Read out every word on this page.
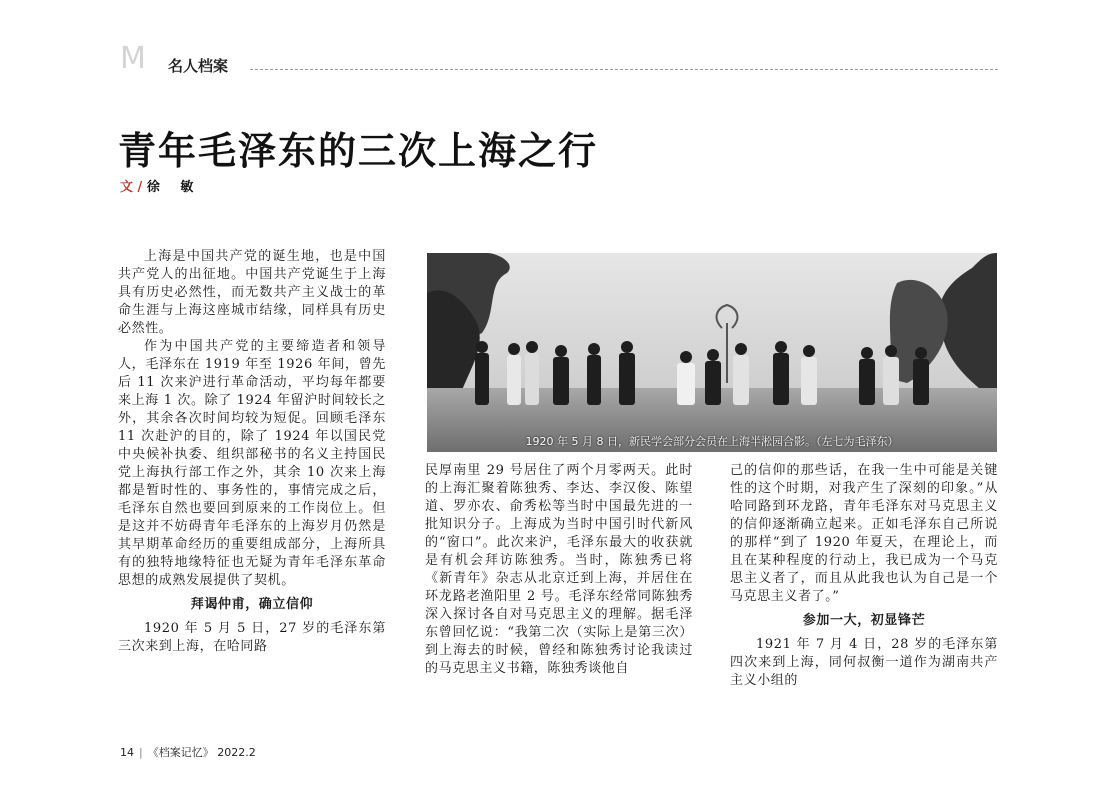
M 名人档案
青年毛泽东的三次上海之行
文 / 徐 敏

上海是中国共产党的诞生地，也是中国共产党人的出征地。中国共产党诞生于上海具有历史必然性，而无数共产主义战士的革命生涯与上海这座城市结缘，同样具有历史必然性。

作为中国共产党的主要缔造者和领导人，毛泽东在 1919 年至 1926 年间，曾先后 11 次来沪进行革命活动，平均每年都要来上海 1 次。除了 1924 年留沪时间较长之外，其余各次时间均较为短促。回顾毛泽东 11 次赴沪的目的，除了 1924 年以国民党中央候补执委、组织部秘书的名义主持国民党上海执行部工作之外，其余 10 次来上海都是暂时性的、事务性的，事情完成之后，毛泽东自然也要回到原来的工作岗位上。但是这并不妨碍青年毛泽东的上海岁月仍然是其早期革命经历的重要组成部分，上海所具有的独特地缘特征也无疑为青年毛泽东革命思想的成熟发展提供了契机。

拜谒仲甫，确立信仰

1920 年 5 月 5 日，27 岁的毛泽东第三次来到上海，在哈同路

1920 年 5 月 8 日，新民学会部分会员在上海半淞园合影。（左七为毛泽东）

民厚南里 29 号居住了两个月零两天。此时的上海汇聚着陈独秀、李达、李汉俊、陈望道、罗亦农、俞秀松等当时中国最先进的一批知识分子。上海成为当时中国引时代新风的“窗口”。此次来沪，毛泽东最大的收获就是有机会拜访陈独秀。当时，陈独秀已将《新青年》杂志从北京迁到上海，并居住在环龙路老渔阳里 2 号。毛泽东经常同陈独秀深入探讨各自对马克思主义的理解。据毛泽东曾回忆说：“我第二次（实际上是第三次）到上海去的时候，曾经和陈独秀讨论我读过的马克思主义书籍，陈独秀谈他自

己的信仰的那些话，在我一生中可能是关键性的这个时期，对我产生了深刻的印象。”从哈同路到环龙路，青年毛泽东对马克思主义的信仰逐渐确立起来。正如毛泽东自己所说的那样“到了 1920 年夏天，在理论上，而且在某种程度的行动上，我已成为一个马克思主义者了，而且从此我也认为自己是一个马克思主义者了。”

参加一大，初显锋芒

1921 年 7 月 4 日，28 岁的毛泽东第四次来到上海，同何叔衡一道作为湖南共产主义小组的

14 | 《档案记忆》 2022.2
